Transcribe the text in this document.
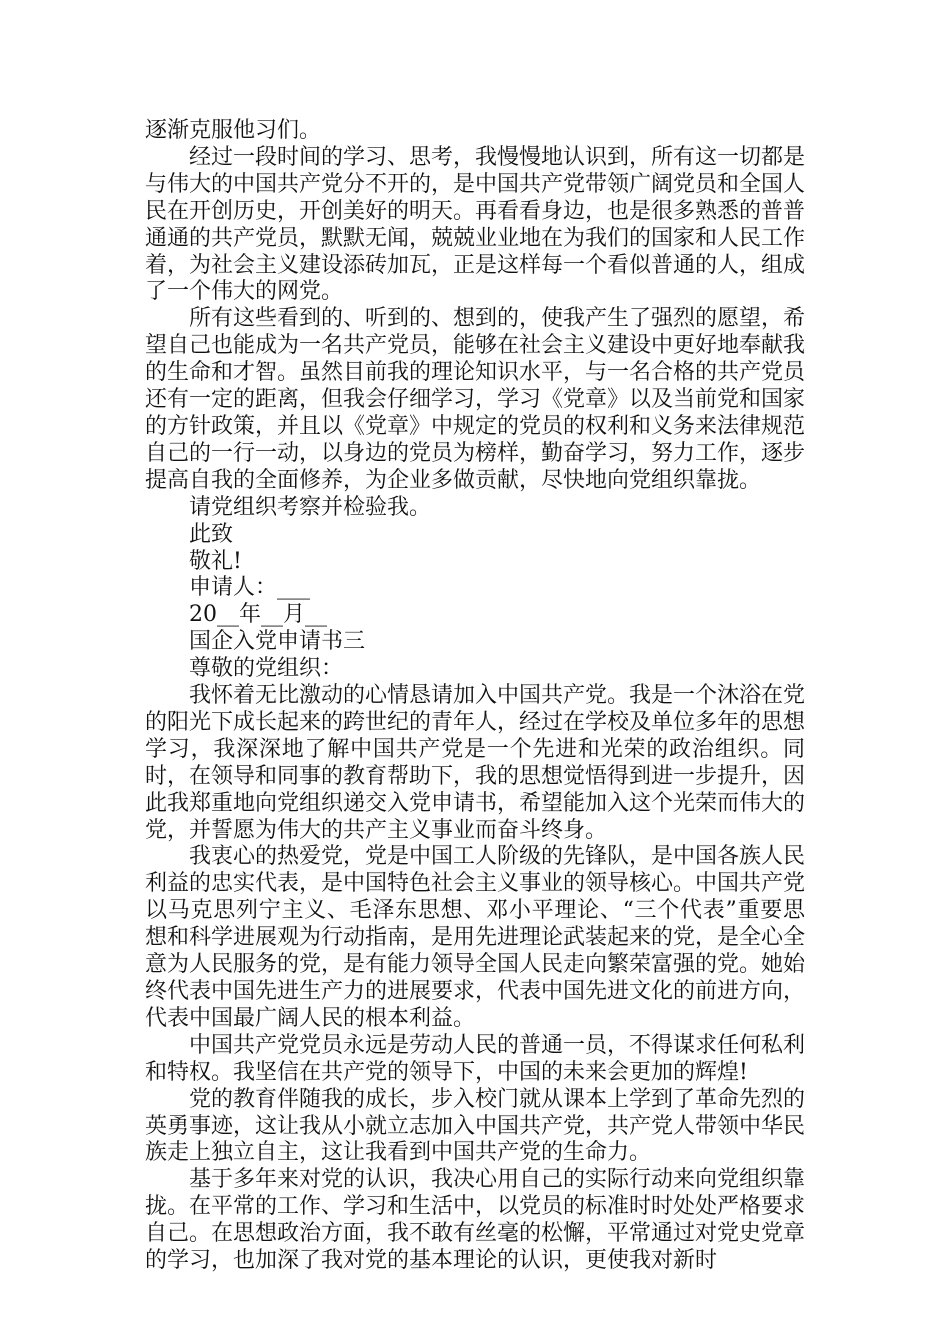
逐渐克服他习们。

经过一段时间的学习、思考，我慢慢地认识到，所有这一切都是与伟大的中国共产党分不开的，是中国共产党带领广阔党员和全国人民在开创历史，开创美好的明天。再看看身边，也是很多熟悉的普普通通的共产党员，默默无闻，兢兢业业地在为我们的国家和人民工作着，为社会主义建设添砖加瓦，正是这样每一个看似普通的人，组成了一个伟大的网党。

所有这些看到的、听到的、想到的，使我产生了强烈的愿望，希望自己也能成为一名共产党员，能够在社会主义建设中更好地奉献我的生命和才智。虽然目前我的理论知识水平，与一名合格的共产党员还有一定的距离，但我会仔细学习，学习《党章》以及当前党和国家的方针政策，并且以《党章》中规定的党员的权利和义务来法律规范自己的一行一动，以身边的党员为榜样，勤奋学习，努力工作，逐步提高自我的全面修养，为企业多做贡献，尽快地向党组织靠拢。

请党组织考察并检验我。

此致

敬礼!

申请人：___

20__年__月__

国企入党申请书三

尊敬的党组织：

我怀着无比激动的心情恳请加入中国共产党。我是一个沐浴在党的阳光下成长起来的跨世纪的青年人，经过在学校及单位多年的思想学习，我深深地了解中国共产党是一个先进和光荣的政治组织。同时，在领导和同事的教育帮助下，我的思想觉悟得到进一步提升，因此我郑重地向党组织递交入党申请书，希望能加入这个光荣而伟大的党，并誓愿为伟大的共产主义事业而奋斗终身。

我衷心的热爱党，党是中国工人阶级的先锋队，是中国各族人民利益的忠实代表，是中国特色社会主义事业的领导核心。中国共产党以马克思列宁主义、毛泽东思想、邓小平理论、“三个代表”重要思想和科学进展观为行动指南，是用先进理论武装起来的党，是全心全意为人民服务的党，是有能力领导全国人民走向繁荣富强的党。她始终代表中国先进生产力的进展要求，代表中国先进文化的前进方向，代表中国最广阔人民的根本利益。

中国共产党党员永远是劳动人民的普通一员，不得谋求任何私利和特权。我坚信在共产党的领导下，中国的未来会更加的辉煌!

党的教育伴随我的成长，步入校门就从课本上学到了革命先烈的英勇事迹，这让我从小就立志加入中国共产党，共产党人带领中华民族走上独立自主，这让我看到中国共产党的生命力。

基于多年来对党的认识，我决心用自己的实际行动来向党组织靠拢。在平常的工作、学习和生活中，以党员的标准时时处处严格要求自己。在思想政治方面，我不敢有丝毫的松懈，平常通过对党史党章的学习，也加深了我对党的基本理论的认识，更使我对新时
